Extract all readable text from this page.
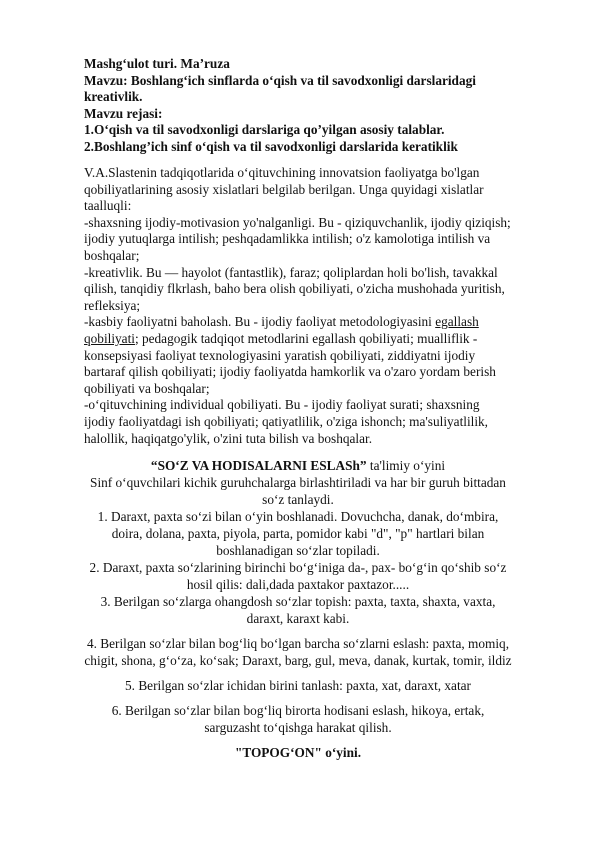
Mashg‘ulot turi. Ma’ruza
Mavzu: Boshlang‘ich sinflarda o‘qish va til savodxonligi darslaridagi kreativlik.
Mavzu rejasi:
1.O‘qish va til savodxonligi darslariga qo’yilgan asosiy talablar.
2.Boshlang’ich sinf o‘qish va til savodxonligi darslarida keratiklik
V.A.Slastenin tadqiqotlarida o‘qituvchining innovatsion faoliyatga bo'lgan qobiliyatlarining asosiy xislatlari belgilab berilgan. Unga quyidagi xislatlar taalluqli:
-shaxsning ijodiy-motivasion yo'nalganligi. Bu - qiziquvchanlik, ijodiy qiziqish; ijodiy yutuqlarga intilish; peshqadamlikka intilish; o'z kamolotiga intilish va boshqalar;
-kreativlik. Bu — hayolot (fantastlik), faraz; qoliplardan holi bo'lish, tavakkal qilish, tanqidiy flkrlash, baho bera olish qobiliyati, o'zicha mushohada yuritish, refleksiya;
-kasbiy faoliyatni baholash. Bu - ijodiy faoliyat metodologiyasini egallash qobiliyati; pedagogik tadqiqot metodlarini egallash qobiliyati; mualliflik - konsepsiyasi faoliyat texnologiyasini yaratish qobiliyati, ziddiyatni ijodiy bartaraf qilish qobiliyati; ijodiy faoliyatda hamkorlik va o'zaro yordam berish qobiliyati va boshqalar;
-o‘qituvchining individual qobiliyati. Bu - ijodiy faoliyat surati; shaxsning ijodiy faoliyatdagi ish qobiliyati; qatiyatlilik, o'ziga ishonch; ma'suliyatlilik, halollik, haqiqatgo'ylik, o'zini tuta bilish va boshqalar.
“SO‘Z VA HODISALARNI ESLASh” ta'limiy o‘yini
Sinf o‘quvchilari kichik guruhchalarga birlashtiriladi va har bir guruh bittadan so‘z tanlaydi.
1. Daraxt, paxta so‘zi bilan o‘yin boshlanadi. Dovuchcha, danak, do‘mbira, doira, dolana, paxta, piyola, parta, pomidor kabi "d", "p" hartlari bilan boshlanadigan so‘zlar topiladi.
2. Daraxt, paxta so‘zlarining birinchi bo‘g‘iniga da-, pax- bo‘g‘in qo‘shib so‘z hosil qilis: dali,dada paxtakor paxtazor.....
3. Berilgan so‘zlarga ohangdosh so‘zlar topish: paxta, taxta, shaxta, vaxta, daraxt, karaxt kabi.
4. Berilgan so‘zlar bilan bog‘liq bo‘lgan barcha so‘zlarni eslash: paxta, momiq, chigit, shona, g‘o‘za, ko‘sak; Daraxt, barg, gul, meva, danak, kurtak, tomir, ildiz
5. Berilgan so‘zlar ichidan birini tanlash: paxta, xat, daraxt, xatar
6. Berilgan so‘zlar bilan bog‘liq birorta hodisani eslash, hikoya, ertak, sarguzasht to‘qishga harakat qilish.
"TOPOG‘ON" o‘yini.
